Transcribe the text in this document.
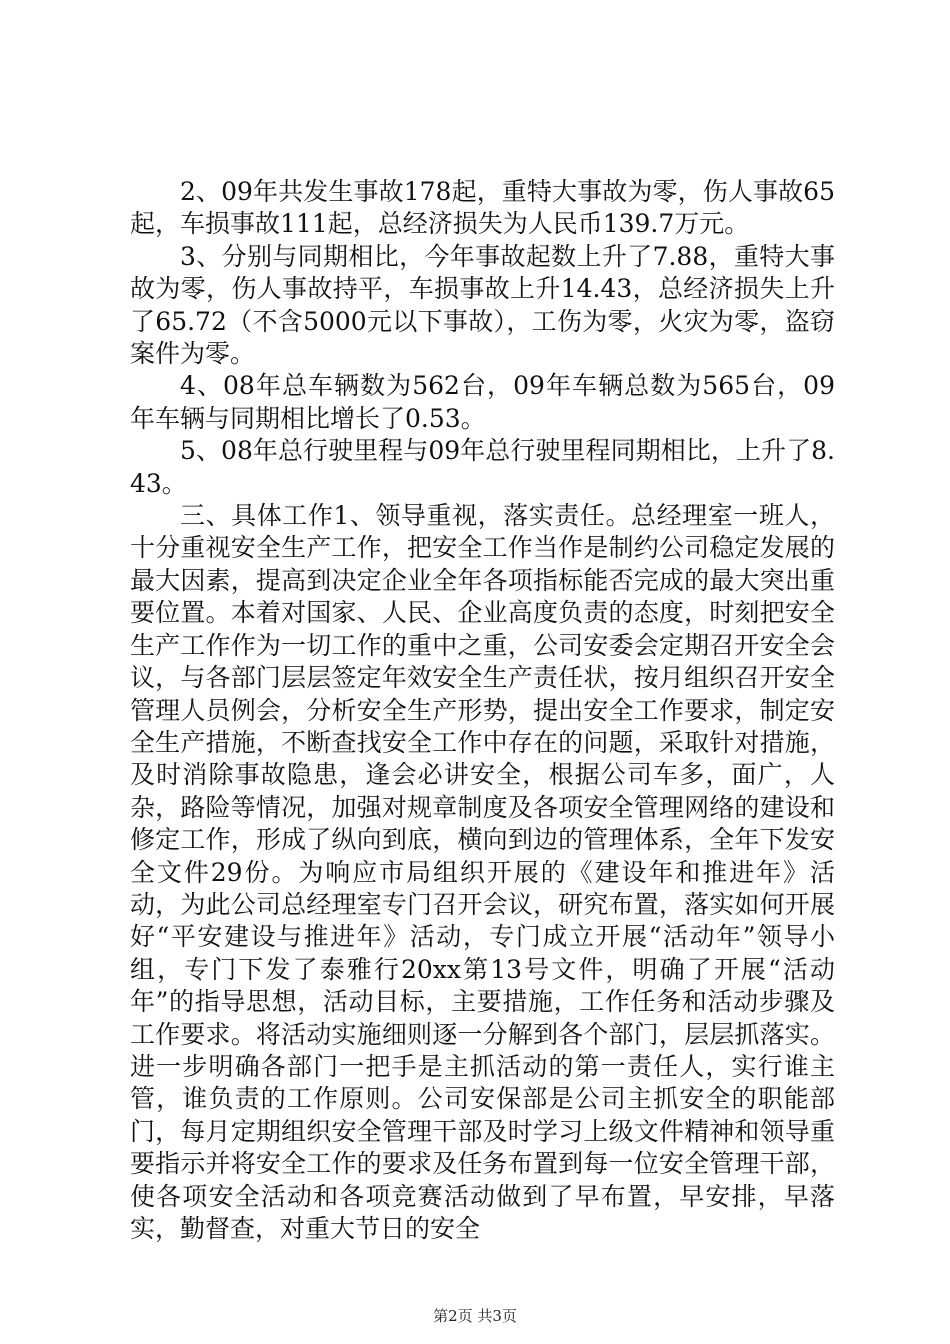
2、09年共发生事故178起，重特大事故为零，伤人事故65起，车损事故111起，总经济损失为人民币139.7万元。

3、分别与同期相比，今年事故起数上升了7.88，重特大事故为零，伤人事故持平，车损事故上升14.43，总经济损失上升了65.72（不含5000元以下事故），工伤为零，火灾为零，盗窃案件为零。

4、08年总车辆数为562台，09年车辆总数为565台，09年车辆与同期相比增长了0.53。

5、08年总行驶里程与09年总行驶里程同期相比，上升了8.43。

三、具体工作1、领导重视，落实责任。总经理室一班人，十分重视安全生产工作，把安全工作当作是制约公司稳定发展的最大因素，提高到决定企业全年各项指标能否完成的最大突出重要位置。本着对国家、人民、企业高度负责的态度，时刻把安全生产工作作为一切工作的重中之重，公司安委会定期召开安全会议，与各部门层层签定年效安全生产责任状，按月组织召开安全管理人员例会，分析安全生产形势，提出安全工作要求，制定安全生产措施，不断查找安全工作中存在的问题，采取针对措施，及时消除事故隐患，逢会必讲安全，根据公司车多，面广，人杂，路险等情况，加强对规章制度及各项安全管理网络的建设和修定工作，形成了纵向到底，横向到边的管理体系，全年下发安全文件29份。为响应市局组织开展的《建设年和推进年》活动，为此公司总经理室专门召开会议，研究布置，落实如何开展好“平安建设与推进年》活动，专门成立开展“活动年”领导小组，专门下发了泰雅行20xx第13号文件，明确了开展“活动年”的指导思想，活动目标，主要措施，工作任务和活动步骤及工作要求。将活动实施细则逐一分解到各个部门，层层抓落实。进一步明确各部门一把手是主抓活动的第一责任人，实行谁主管，谁负责的工作原则。公司安保部是公司主抓安全的职能部门，每月定期组织安全管理干部及时学习上级文件精神和领导重要指示并将安全工作的要求及任务布置到每一位安全管理干部，使各项安全活动和各项竞赛活动做到了早布置，早安排，早落实，勤督查，对重大节日的安全

第2页 共3页
